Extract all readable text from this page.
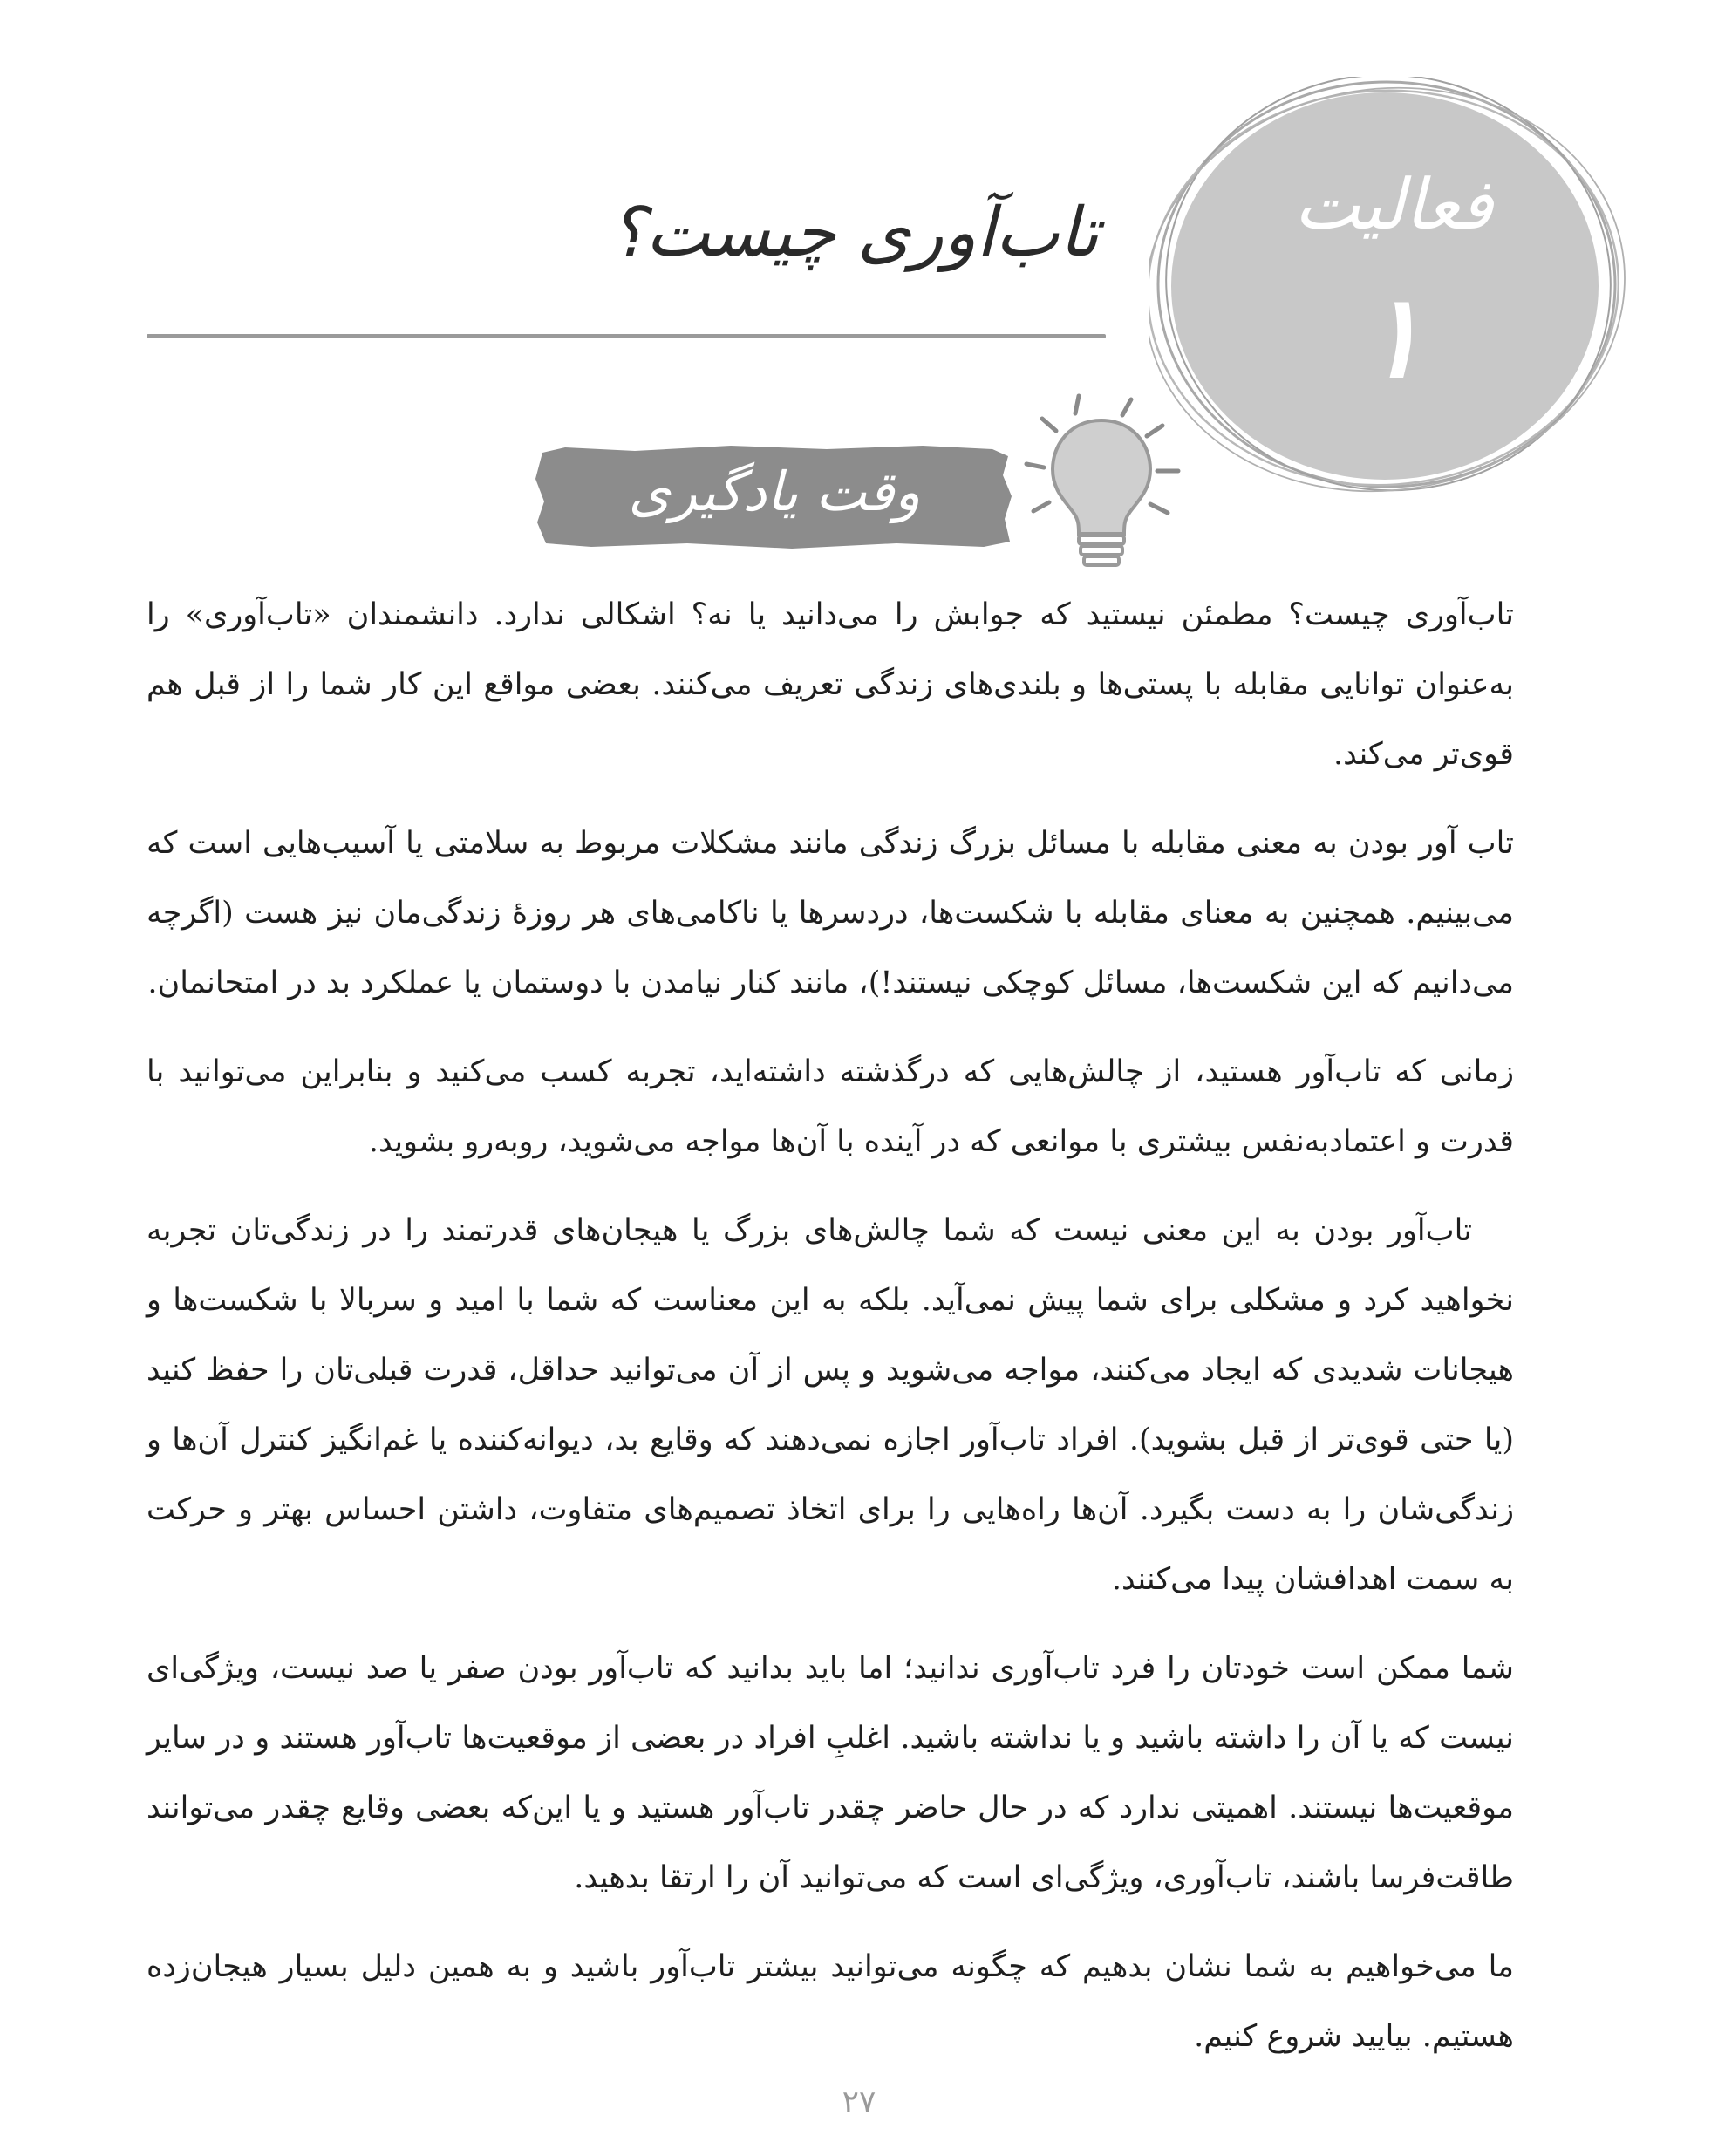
فعالیت
۱
تاب‌آوری چیست؟
وقت یادگیری

تاب‌آوری چیست؟ مطمئن نیستید که جوابش را می‌دانید یا نه؟ اشکالی ندارد. دانشمندان «تاب‌آوری» را به‌عنوان توانایی مقابله با پستی‌ها و بلندی‌های زندگی تعریف می‌کنند. بعضی مواقع این کار شما را از قبل هم قوی‌تر می‌کند.

تاب آور بودن به معنی مقابله با مسائل بزرگ زندگی مانند مشکلات مربوط به سلامتی یا آسیب‌هایی است که می‌بینیم. همچنین به معنای مقابله با شکست‌ها، دردسرها یا ناکامی‌های هر روزۀ زندگی‌مان نیز هست (اگرچه می‌دانیم که این شکست‌ها، مسائل کوچکی نیستند!)، مانند کنار نیامدن با دوستمان یا عملکرد بد در امتحانمان.

زمانی که تاب‌آور هستید، از چالش‌هایی که درگذشته داشته‌اید، تجربه کسب می‌کنید و بنابراین می‌توانید با قدرت و اعتمادبه‌نفس بیشتری با موانعی که در آینده با آن‌ها مواجه می‌شوید، روبه‌رو بشوید.

تاب‌آور بودن به این معنی نیست که شما چالش‌های بزرگ یا هیجان‌های قدرتمند را در زندگی‌تان تجربه نخواهید کرد و مشکلی برای شما پیش نمی‌آید. بلکه به این معناست که شما با امید و سربالا با شکست‌ها و هیجانات شدیدی که ایجاد می‌کنند، مواجه می‌شوید و پس از آن می‌توانید حداقل، قدرت قبلی‌تان را حفظ کنید (یا حتی قوی‌تر از قبل بشوید). افراد تاب‌آور اجازه نمی‌دهند که وقایع بد، دیوانه‌کننده یا غم‌انگیز کنترل آن‌ها و زندگی‌شان را به دست بگیرد. آن‌ها راه‌هایی را برای اتخاذ تصمیم‌های متفاوت، داشتن احساس بهتر و حرکت به سمت اهدافشان پیدا می‌کنند.

شما ممکن است خودتان را فرد تاب‌آوری ندانید؛ اما باید بدانید که تاب‌آور بودن صفر یا صد نیست، ویژگی‌ای نیست که یا آن را داشته باشید و یا نداشته باشید. اغلبِ افراد در بعضی از موقعیت‌ها تاب‌آور هستند و در سایر موقعیت‌ها نیستند. اهمیتی ندارد که در حال حاضر چقدر تاب‌آور هستید و یا این‌که بعضی وقایع چقدر می‌توانند طاقت‌فرسا باشند، تاب‌آوری، ویژگی‌ای است که می‌توانید آن را ارتقا بدهید.

ما می‌خواهیم به شما نشان بدهیم که چگونه می‌توانید بیشتر تاب‌آور باشید و به همین دلیل بسیار هیجان‌زده هستیم. بیایید شروع کنیم.

۲۷
